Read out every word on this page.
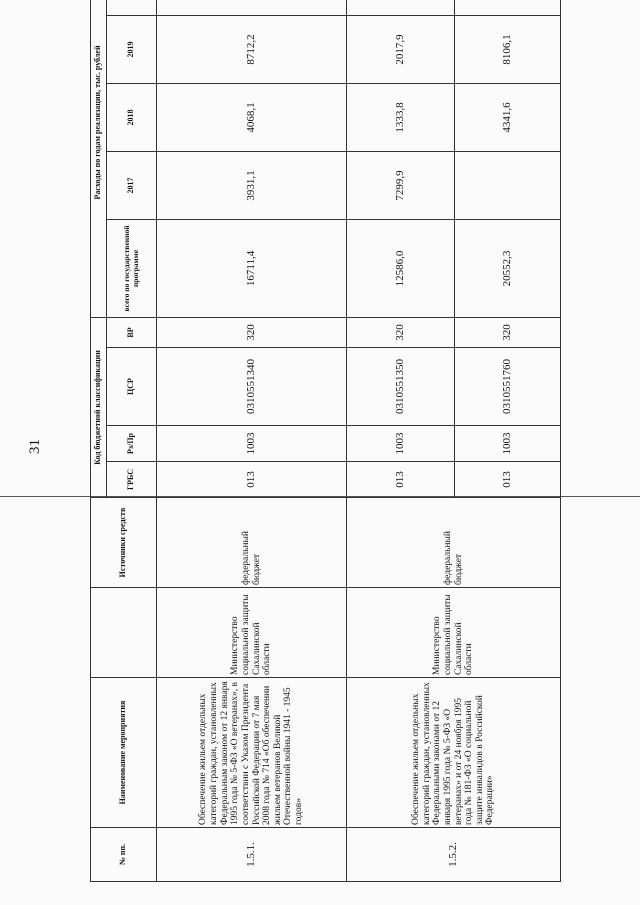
31
№ пп.	Наименование мероприятия		Источники средств	Код бюджетной классификации				Расходы по годам реализации, тыс. рублей				
				ГРБС	Рз/Пр	ЦСР	ВР	всего по государственной программе	2017	2018	2019	
1.5.1.	Обеспечение жильем отдельных категорий граждан, установленных Федеральным законом от 12 января 1995 года № 5-ФЗ «О ветеранах», в соответствии с Указом Президента Российской Федерации от 7 мая 2008 года № 714 «Об обеспечении жильем ветеранов Великой Отечественной войны 1941 - 1945 годов»	Министерство социальной защиты Сахалинской области	федеральный бюджет	013	1003	0310551340	320	16711,4	3931,1	4068,1	8712,2	
1.5.2.	Обеспечение жильем отдельных категорий граждан, установленных Федеральными законами от 12 января 1995 года № 5-ФЗ «О ветеранах» и от 24 ноября 1995 года № 181-ФЗ «О социальной защите инвалидов в Российской Федерации»	Министерство социальной защиты Сахалинской области	федеральный бюджет	013	1003	0310551350	320	12586,0	7299,9	1333,8	2017,9	
				013	1003	0310551760	320	20552,3		4341,6	8106,1	
